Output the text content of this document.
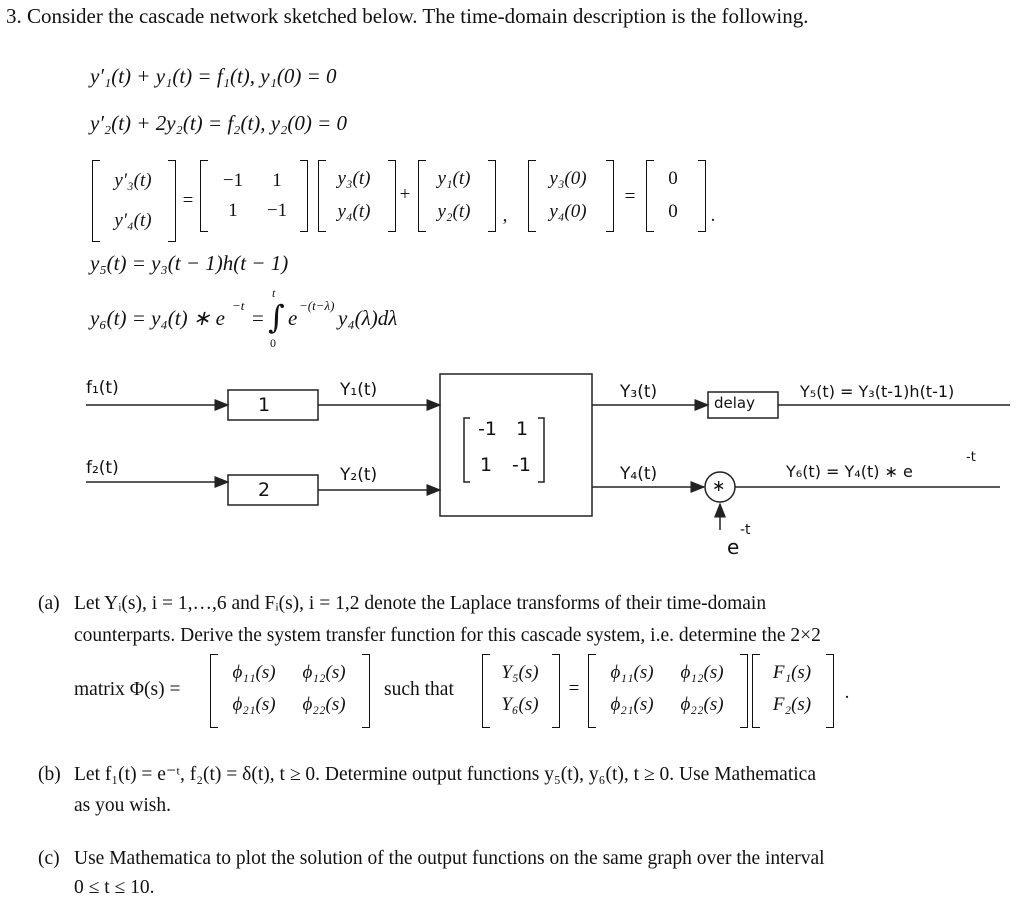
3. Consider the cascade network sketched below. The time-domain description is the following.
y′₁(t) + y₁(t) = f₁(t), y₁(0) = 0
y′₂(t) + 2y₂(t) = f₂(t), y₂(0) = 0
y′₃(t)
y′₄(t)
=
−1	1
1	−1
y₃(t)
y₄(t)
+
y₁(t)
y₂(t)	,
y₃(0)
y₄(0)
=
0
0	.
y₅(t) = y₃(t − 1)h(t − 1)
y₆(t) = y₄(t) ∗ e
−t
= ∫
t
0
e
−(t−λ)
y₄(λ)dλ
f₁(t)
f₂(t)
1
2
Y₁(t)
Y₂(t)
-1 1
1 -1
Y₃(t)
Y₄(t)
delay
Y₅(t) = Y₃(t-1)h(t-1)
Y₆(t) = Y₄(t) ∗ e
-t
∗
e
-t
(a) Let Yᵢ(s), i = 1,…,6 and Fᵢ(s), i = 1,2 denote the Laplace transforms of their time-domain
counterparts. Derive the system transfer function for this cascade system, i.e. determine the 2×2
matrix Φ(s) =
ϕ₁₁(s)	ϕ₁₂(s)
ϕ₂₁(s)	ϕ₂₂(s)
such that
Y₅(s)
Y₆(s)
=
ϕ₁₁(s)	ϕ₁₂(s)
ϕ₂₁(s)	ϕ₂₂(s)
F₁(s)
F₂(s)
.
(b) Let f₁(t) = e⁻ᵗ, f₂(t) = δ(t), t ≥ 0. Determine output functions y₅(t), y₆(t), t ≥ 0. Use Mathematica
as you wish.
(c) Use Mathematica to plot the solution of the output functions on the same graph over the interval
0 ≤ t ≤ 10.
